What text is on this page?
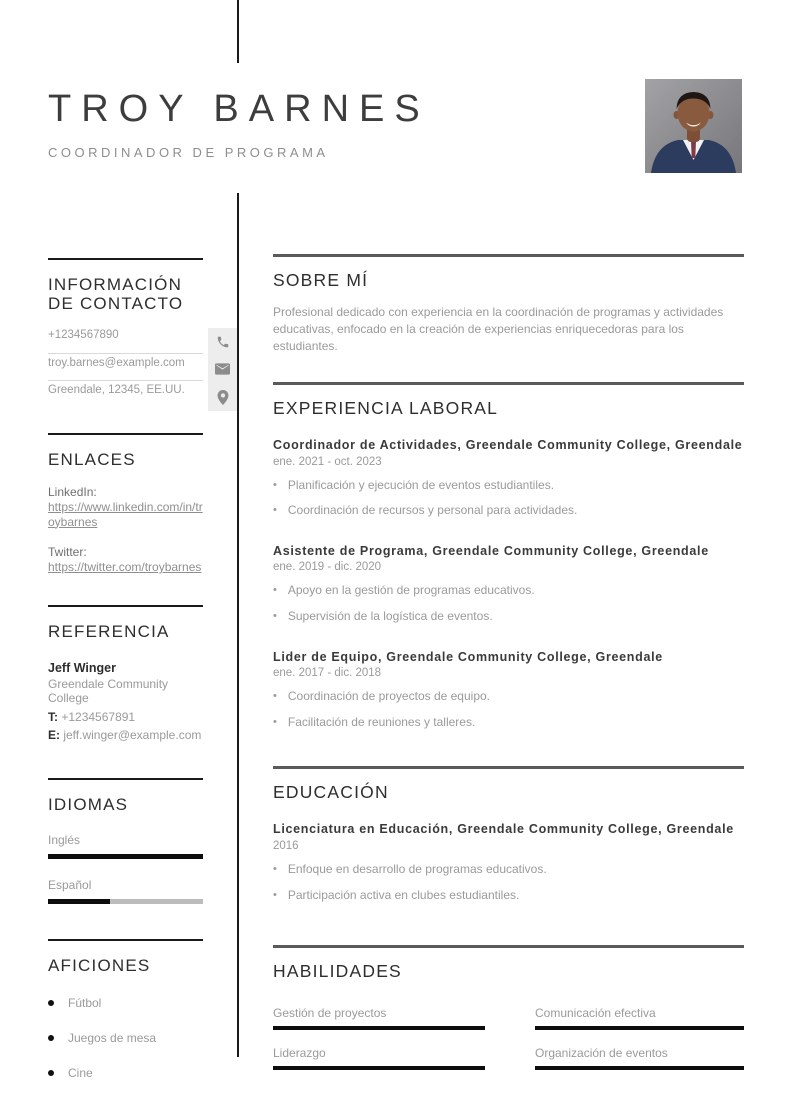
TROY BARNES
COORDINADOR DE PROGRAMA
INFORMACIÓN DE CONTACTO
+1234567890
troy.barnes@example.com
Greendale, 12345, EE.UU.
ENLACES
LinkedIn:
https://www.linkedin.com/in/troybarnes
Twitter:
https://twitter.com/troybarnes
REFERENCIA
Jeff Winger
Greendale Community College
T: +1234567891
E: jeff.winger@example.com
IDIOMAS
Inglés
Español
AFICIONES
Fútbol
Juegos de mesa
Cine
SOBRE MÍ
Profesional dedicado con experiencia en la coordinación de programas y actividades educativas, enfocado en la creación de experiencias enriquecedoras para los estudiantes.
EXPERIENCIA LABORAL
Coordinador de Actividades, Greendale Community College, Greendale
ene. 2021 - oct. 2023
• Planificación y ejecución de eventos estudiantiles.
• Coordinación de recursos y personal para actividades.
Asistente de Programa, Greendale Community College, Greendale
ene. 2019 - dic. 2020
• Apoyo en la gestión de programas educativos.
• Supervisión de la logística de eventos.
Lider de Equipo, Greendale Community College, Greendale
ene. 2017 - dic. 2018
• Coordinación de proyectos de equipo.
• Facilitación de reuniones y talleres.
EDUCACIÓN
Licenciatura en Educación, Greendale Community College, Greendale
2016
• Enfoque en desarrollo de programas educativos.
• Participación activa en clubes estudiantiles.
HABILIDADES
Gestión de proyectos	Comunicación efectiva
Liderazgo	Organización de eventos
